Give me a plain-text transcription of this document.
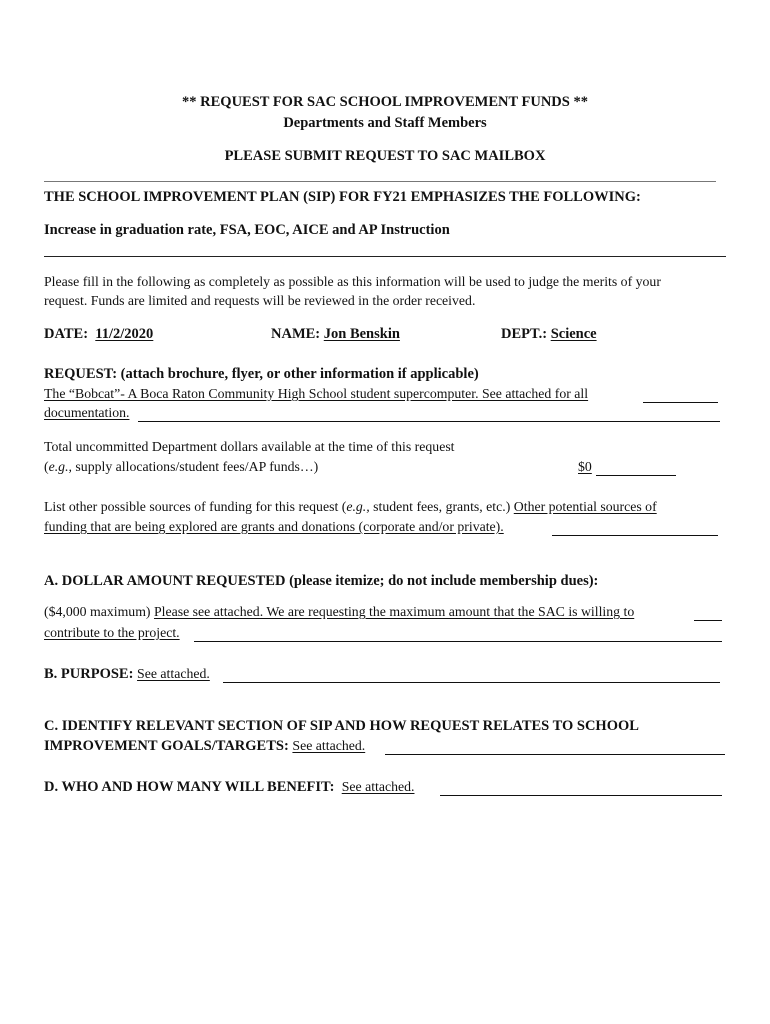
** REQUEST FOR SAC SCHOOL IMPROVEMENT FUNDS **
Departments and Staff Members
PLEASE SUBMIT REQUEST TO SAC MAILBOX
THE SCHOOL IMPROVEMENT PLAN (SIP) FOR FY21 EMPHASIZES THE FOLLOWING:
Increase in graduation rate, FSA, EOC, AICE and AP Instruction
Please fill in the following as completely as possible as this information will be used to judge the merits of your
request. Funds are limited and requests will be reviewed in the order received.
DATE: 11/2/2020	NAME: Jon Benskin	DEPT.: Science
REQUEST: (attach brochure, flyer, or other information if applicable)
The “Bobcat”- A Boca Raton Community High School student supercomputer. See attached for all
documentation.
Total uncommitted Department dollars available at the time of this request
(e.g., supply allocations/student fees/AP funds…)	$0
List other possible sources of funding for this request (e.g., student fees, grants, etc.) Other potential sources of
funding that are being explored are grants and donations (corporate and/or private).
A. DOLLAR AMOUNT REQUESTED (please itemize; do not include membership dues):
($4,000 maximum) Please see attached. We are requesting the maximum amount that the SAC is willing to
contribute to the project.
B. PURPOSE: See attached.
C. IDENTIFY RELEVANT SECTION OF SIP AND HOW REQUEST RELATES TO SCHOOL
IMPROVEMENT GOALS/TARGETS: See attached.
D. WHO AND HOW MANY WILL BENEFIT: See attached.
